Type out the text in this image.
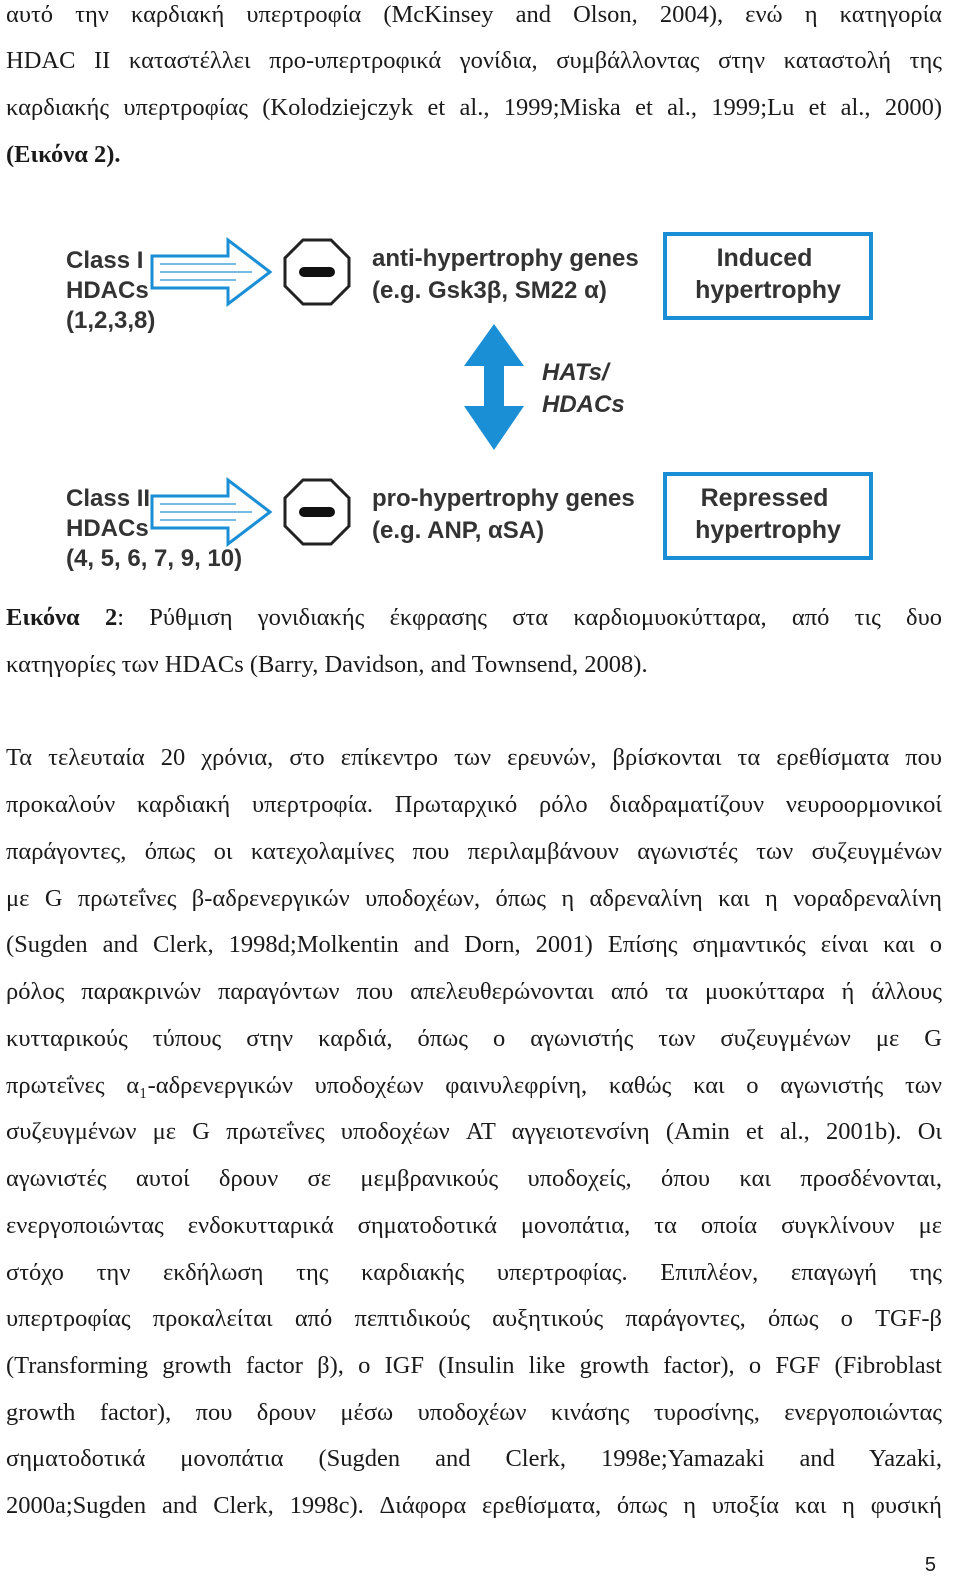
αυτό την καρδιακή υπερτροφία (McKinsey and Olson, 2004), ενώ η κατηγορία
HDAC II καταστέλλει προ-υπερτροφικά γονίδια, συμβάλλοντας στην καταστολή της
καρδιακής υπερτροφίας (Kolodziejczyk et al., 1999;Miska et al., 1999;Lu et al., 2000)
(Εικόνα 2).
Class I HDACs (1,2,3,8)
anti-hypertrophy genes (e.g. Gsk3β, SM22 α)
Induced hypertrophy
HATs/ HDACs
Class II HDACs (4, 5, 6, 7, 9, 10)
pro-hypertrophy genes (e.g. ANP, αSA)
Repressed hypertrophy
Εικόνα 2: Ρύθμιση γονιδιακής έκφρασης στα καρδιομυοκύτταρα, από τις δυο
κατηγορίες των HDACs (Barry, Davidson, and Townsend, 2008).
Τα τελευταία 20 χρόνια, στο επίκεντρο των ερευνών, βρίσκονται τα ερεθίσματα που
προκαλούν καρδιακή υπερτροφία. Πρωταρχικό ρόλο διαδραματίζουν νευροορμονικοί
παράγοντες, όπως οι κατεχολαμίνες που περιλαμβάνουν αγωνιστές των συζευγμένων
με G πρωτεΐνες β-αδρενεργικών υποδοχέων, όπως η αδρεναλίνη και η νοραδρεναλίνη
(Sugden and Clerk, 1998d;Molkentin and Dorn, 2001) Επίσης σημαντικός είναι και ο
ρόλος παρακρινών παραγόντων που απελευθερώνονται από τα μυοκύτταρα ή άλλους
κυτταρικούς τύπους στην καρδιά, όπως ο αγωνιστής των συζευγμένων με G
πρωτεΐνες α₁-αδρενεργικών υποδοχέων φαινυλεφρίνη, καθώς και ο αγωνιστής των
συζευγμένων με G πρωτεΐνες υποδοχέων AT αγγειοτενσίνη (Amin et al., 2001b). Οι
αγωνιστές αυτοί δρουν σε μεμβρανικούς υποδοχείς, όπου και προσδένονται,
ενεργοποιώντας ενδοκυτταρικά σηματοδοτικά μονοπάτια, τα οποία συγκλίνουν με
στόχο την εκδήλωση της καρδιακής υπερτροφίας. Επιπλέον, επαγωγή της
υπερτροφίας προκαλείται από πεπτιδικούς αυξητικούς παράγοντες, όπως ο TGF-β
(Transforming growth factor β), ο IGF (Insulin like growth factor), ο FGF (Fibroblast
growth factor), που δρουν μέσω υποδοχέων κινάσης τυροσίνης, ενεργοποιώντας
σηματοδοτικά μονοπάτια (Sugden and Clerk, 1998e;Yamazaki and Yazaki,
2000a;Sugden and Clerk, 1998c). Διάφορα ερεθίσματα, όπως η υποξία και η φυσική
5
